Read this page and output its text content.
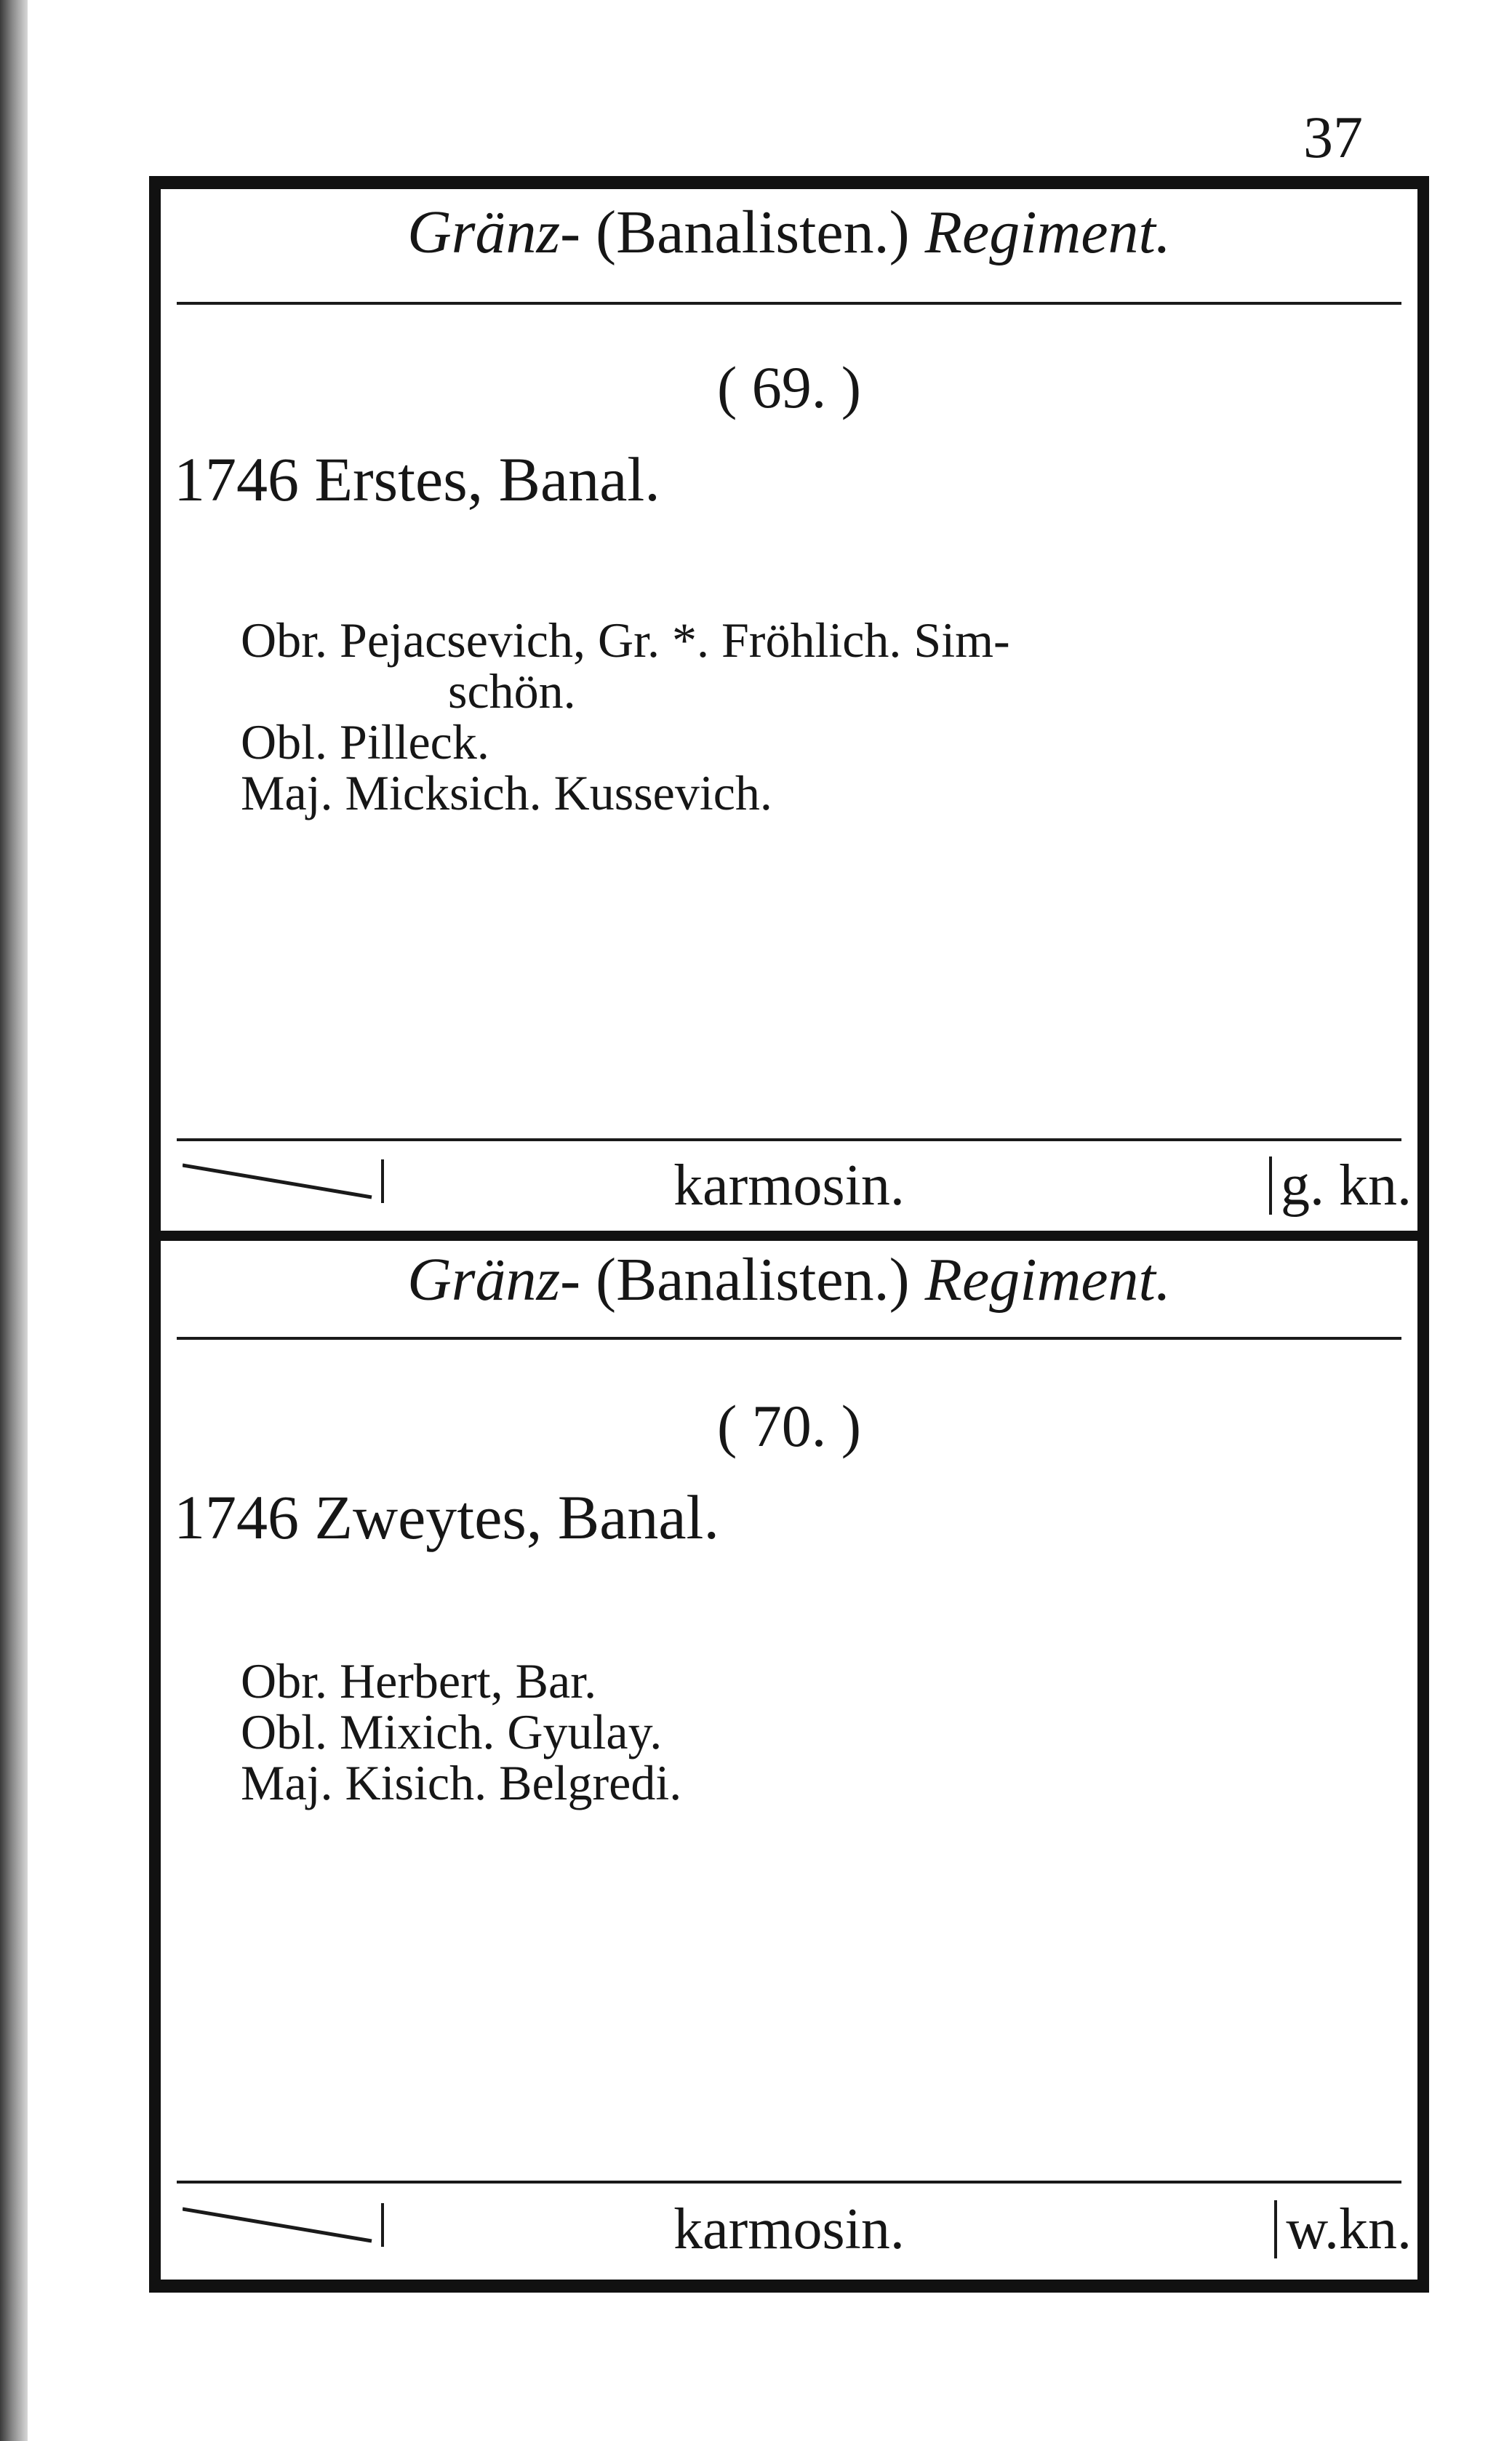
37
Gränz- (Banalisten.) Regiment.
( 69. )
1746 Erstes, Banal.
Obr. Pejacsevich, Gr. *. Fröhlich. Sim-
schön.
Obl. Pilleck.
Maj. Micksich. Kussevich.
karmosin.	g. kn.
Gränz- (Banalisten.) Regiment.
( 70. )
1746 Zweytes, Banal.
Obr. Herbert, Bar.
Obl. Mixich. Gyulay.
Maj. Kisich. Belgredi.
karmosin.	w.kn.
